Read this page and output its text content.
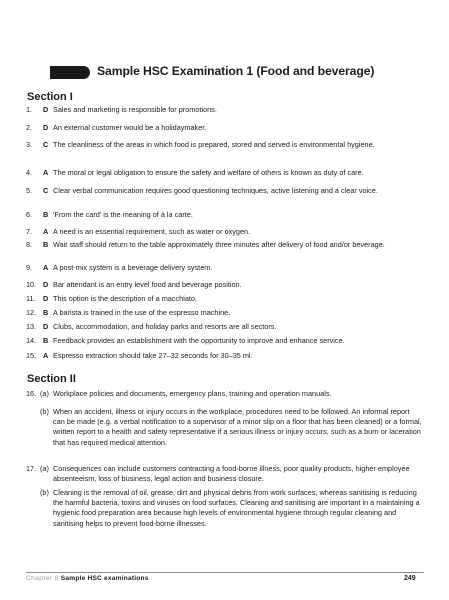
Sample HSC Examination 1 (Food and beverage)
Section I
1. D Sales and marketing is responsible for promotions.
2. D An external customer would be a holidaymaker.
3. C The cleanliness of the areas in which food is prepared, stored and served is environmental hygiene.
4. A The moral or legal obligation to ensure the safety and welfare of others is known as duty of care.
5. C Clear verbal communication requires good questioning techniques, active listening and a clear voice.
6. B 'From the card' is the meaning of à la carte.
7. A A need is an essential requirement, such as water or oxygen.
8. B Wait staff should return to the table approximately three minutes after delivery of food and/or beverage.
9. A A post-mix system is a beverage delivery system.
10. D Bar attendant is an entry level food and beverage position.
11. D This option is the description of a macchiato.
12. B A barista is trained in the use of the espresso machine.
13. D Clubs, accommodation, and holiday parks and resorts are all sectors.
14. B Feedback provides an establishment with the opportunity to improve and enhance service.
15. A Espresso extraction should take 27–32 seconds for 30–35 ml.
Section II
16. (a) Workplace policies and documents, emergency plans, training and operation manuals.
(b) When an accident, illness or injury occurs in the workplace, procedures need to be followed. An informal report can be made (e.g. a verbal notification to a supervisor of a minor slip on a floor that has been cleaned) or a formal, written report to a health and safety representative if a serious illness or injury occurs, such as a burn or laceration that has required medical attention.
17. (a) Consequences can include customers contracting a food-borne illness, poor quality products, higher employee absenteeism, loss of business, legal action and business closure.
(b) Cleaning is the removal of oil, grease, dirt and physical debris from work surfaces, whereas sanitising is reducing the harmful bacteria, toxins and viruses on food surfaces. Cleaning and sanitising are important in a maintaining a hygienic food preparation area because high levels of environmental hygiene through regular cleaning and sanitising helps to prevent food-borne illnesses.
Chapter 8 Sample HSC examinations	249
